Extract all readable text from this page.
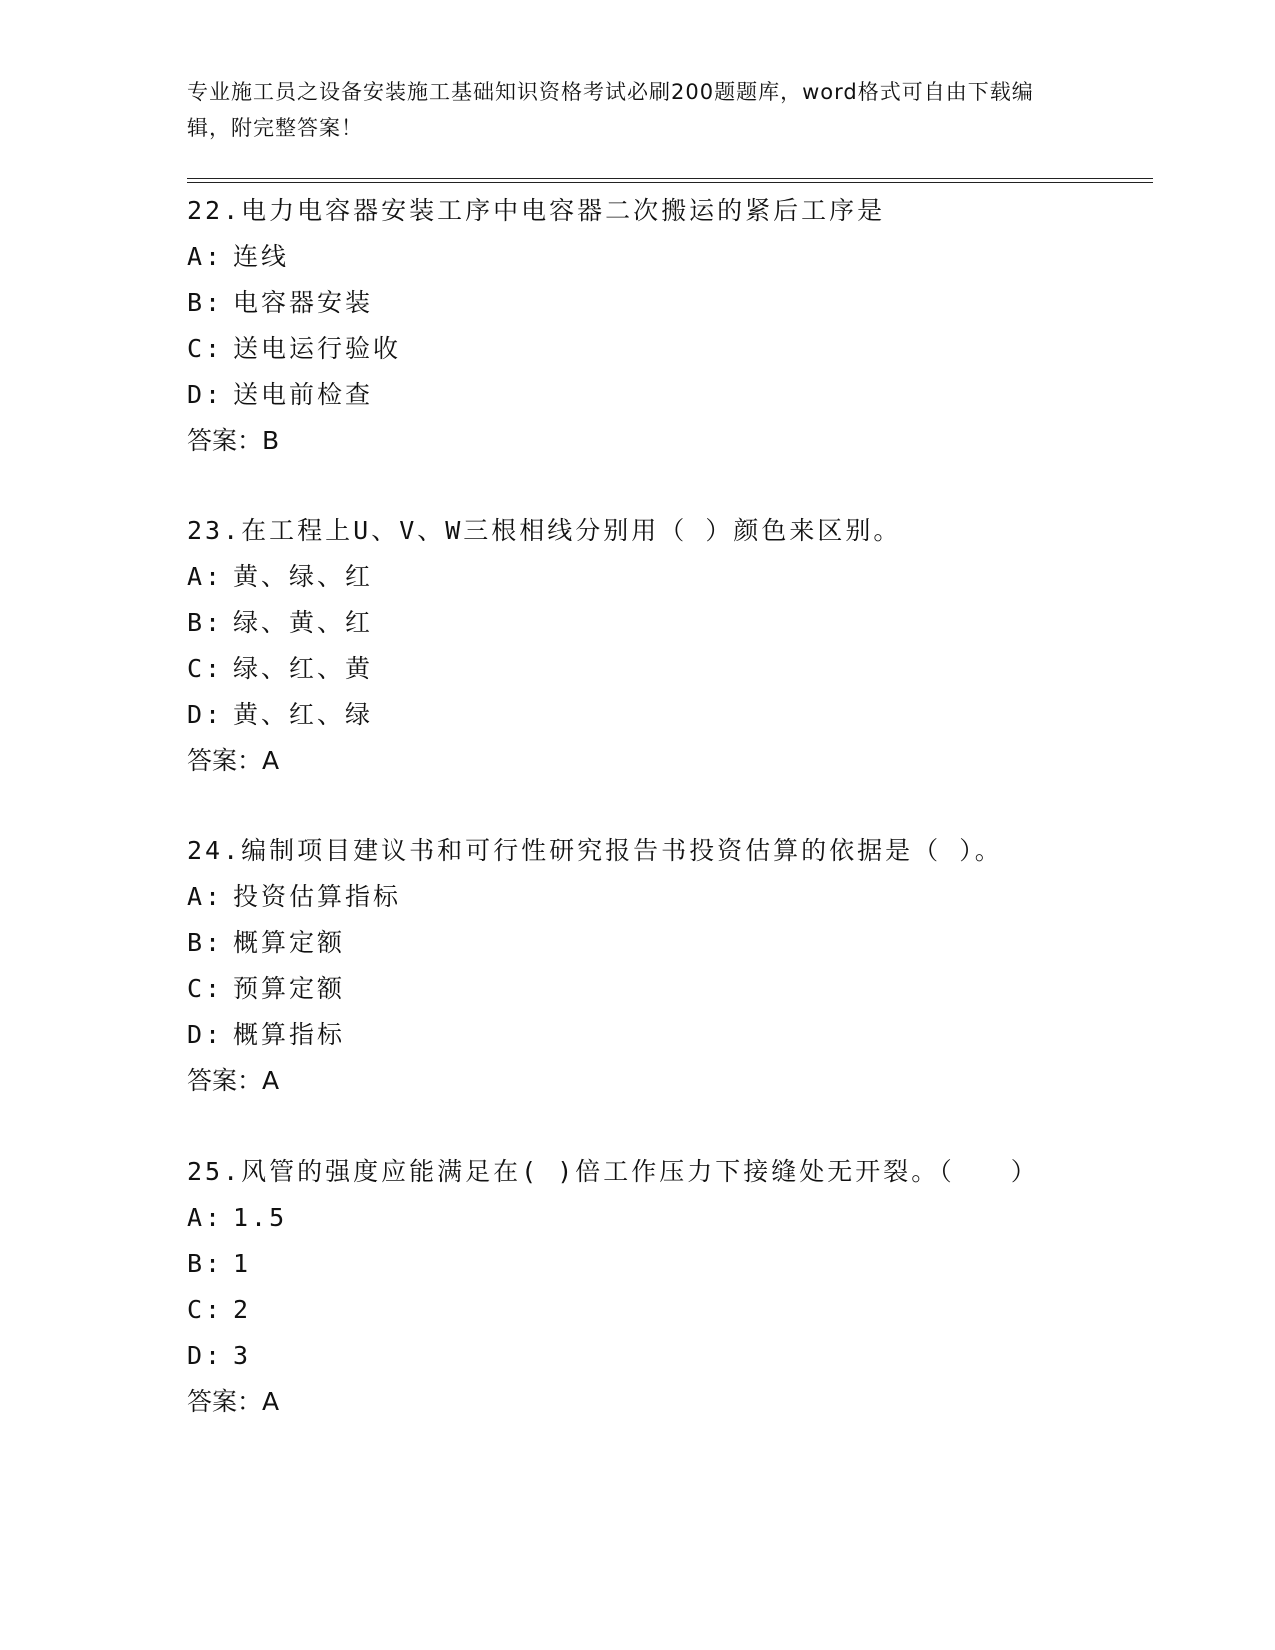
专业施工员之设备安装施工基础知识资格考试必刷200题题库，word格式可自由下载编辑，附完整答案！
22.电力电容器安装工序中电容器二次搬运的紧后工序是
A: 连线
B: 电容器安装
C: 送电运行验收
D: 送电前检查
答案：B
23.在工程上U、V、W三根相线分别用（ ）颜色来区别。
A: 黄、绿、红
B: 绿、黄、红
C: 绿、红、黄
D: 黄、红、绿
答案：A
24.编制项目建议书和可行性研究报告书投资估算的依据是（ ）。
A: 投资估算指标
B: 概算定额
C: 预算定额
D: 概算指标
答案：A
25.风管的强度应能满足在( )倍工作压力下接缝处无开裂。（　　）
A: 1.5
B: 1
C: 2
D: 3
答案：A
